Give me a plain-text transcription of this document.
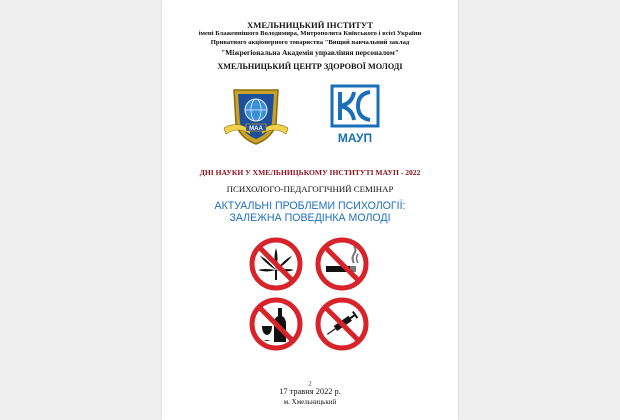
ХМЕЛЬНИЦЬКИЙ ІНСТИТУТ
імені Блаженнішого Володимира, Митрополита Київського і всієї України
Приватного акціонерного товариства "Вищий навчальний заклад
"Міжрегіональна Академія управління персоналом"
ХМЕЛЬНИЦЬКИЙ ЦЕНТР ЗДОРОВОЇ МОЛОДІ
МАА
МАУП
ДНІ НАУКИ У ХМЕЛЬНИЦЬКОМУ ІНСТИТУТІ МАУП - 2022
ПСИХОЛОГО-ПЕДАГОГІЧНИЙ СЕМІНАР
АКТУАЛЬНІ ПРОБЛЕМИ ПСИХОЛОГІЇ:
ЗАЛЕЖНА ПОВЕДІНКА МОЛОДІ
2
17 травня 2022 р.
м. Хмельницький
